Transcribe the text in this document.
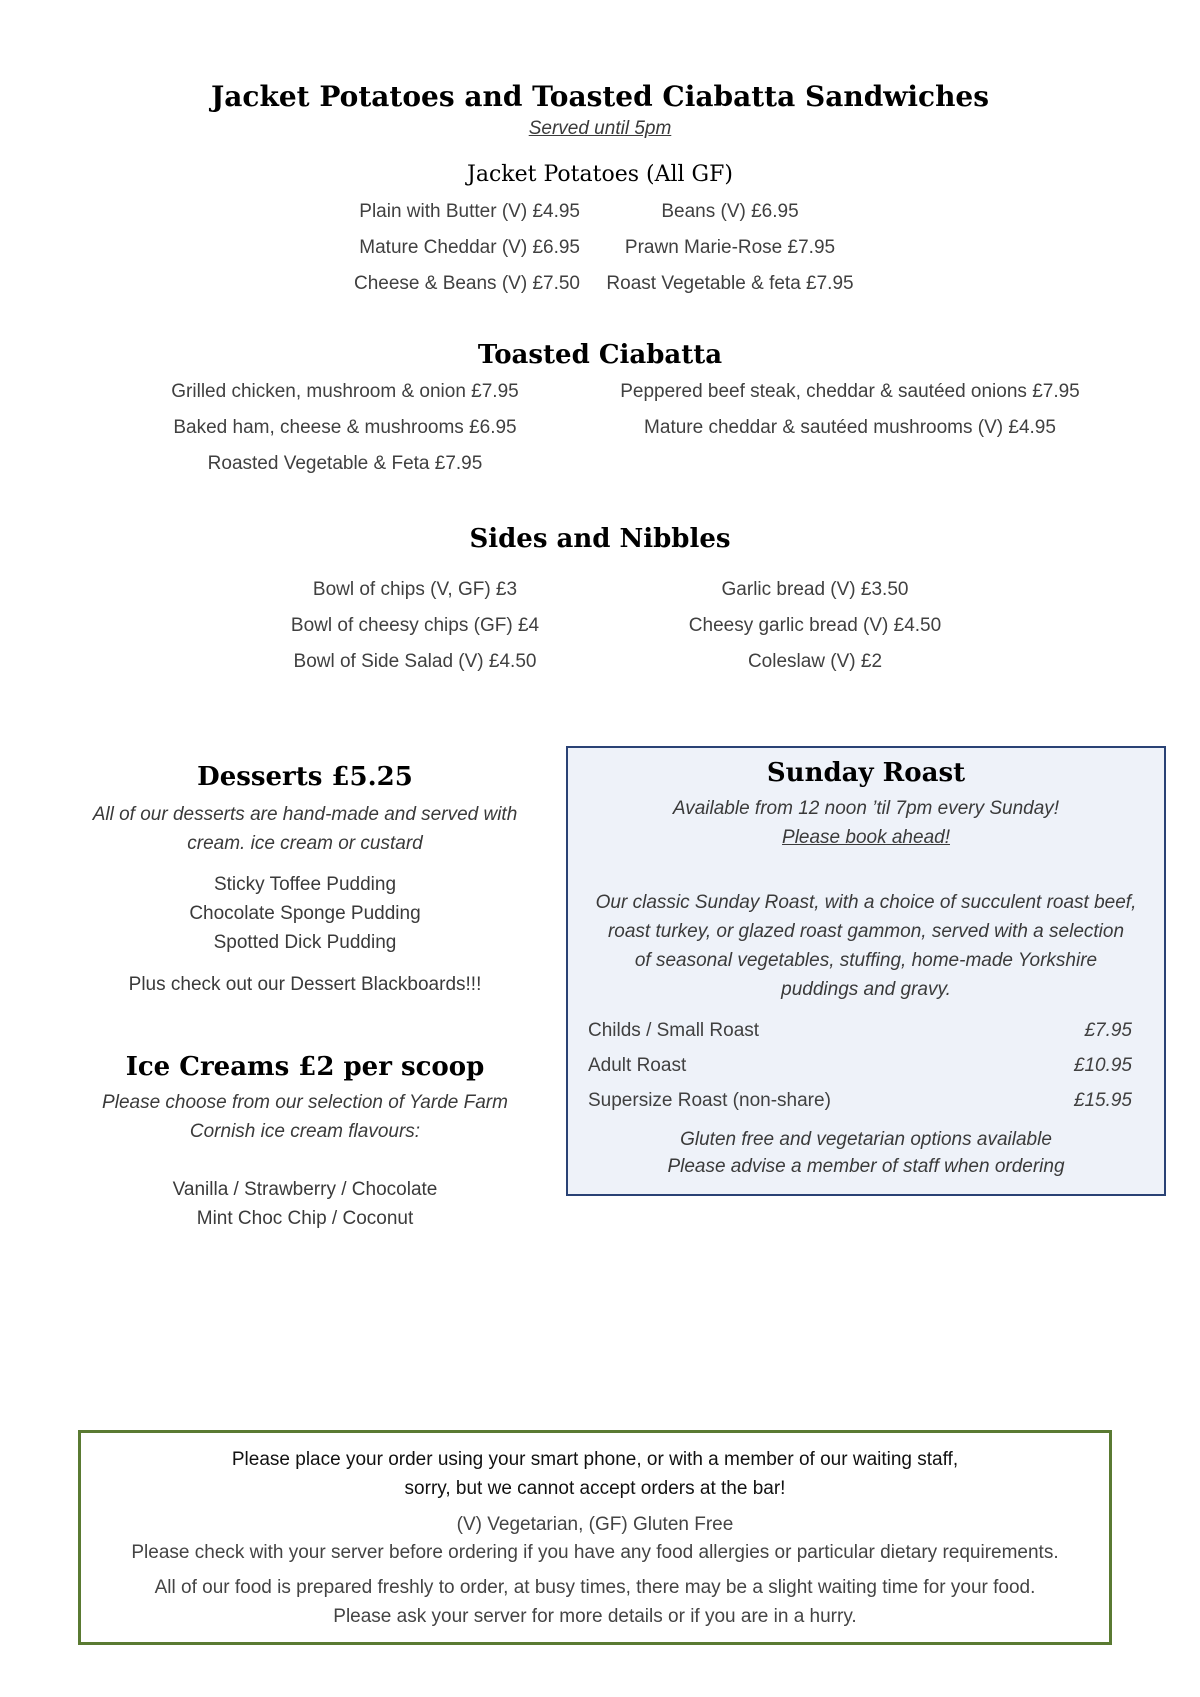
Jacket Potatoes and Toasted Ciabatta Sandwiches
Served until 5pm
Jacket Potatoes (All GF)
Plain with Butter (V) £4.95
Mature Cheddar (V) £6.95
Cheese & Beans (V) £7.50
Beans (V) £6.95
Prawn Marie-Rose £7.95
Roast Vegetable & feta £7.95
Toasted Ciabatta
Grilled chicken, mushroom & onion £7.95
Baked ham, cheese & mushrooms £6.95
Roasted Vegetable & Feta £7.95
Peppered beef steak, cheddar & sautéed onions £7.95
Mature cheddar & sautéed mushrooms (V) £4.95
Sides and Nibbles
Bowl of chips (V, GF) £3
Bowl of cheesy chips (GF) £4
Bowl of Side Salad (V) £4.50
Garlic bread (V) £3.50
Cheesy garlic bread (V) £4.50
Coleslaw (V) £2
Desserts £5.25
All of our desserts are hand-made and served with
cream. ice cream or custard
Sticky Toffee Pudding
Chocolate Sponge Pudding
Spotted Dick Pudding
Plus check out our Dessert Blackboards!!!
Ice Creams £2 per scoop
Please choose from our selection of Yarde Farm
Cornish ice cream flavours:
Vanilla / Strawberry / Chocolate
Mint Choc Chip / Coconut
Sunday Roast
Available from 12 noon ’til 7pm every Sunday!
Please book ahead!
Our classic Sunday Roast, with a choice of succulent roast beef,
roast turkey, or glazed roast gammon, served with a selection
of seasonal vegetables, stuffing, home-made Yorkshire
puddings and gravy.
Childs / Small Roast	£7.95
Adult Roast	£10.95
Supersize Roast (non-share)	£15.95
Gluten free and vegetarian options available
Please advise a member of staff when ordering
Please place your order using your smart phone, or with a member of our waiting staff,
sorry, but we cannot accept orders at the bar!
(V) Vegetarian, (GF) Gluten Free
Please check with your server before ordering if you have any food allergies or particular dietary requirements.
All of our food is prepared freshly to order, at busy times, there may be a slight waiting time for your food.
Please ask your server for more details or if you are in a hurry.
